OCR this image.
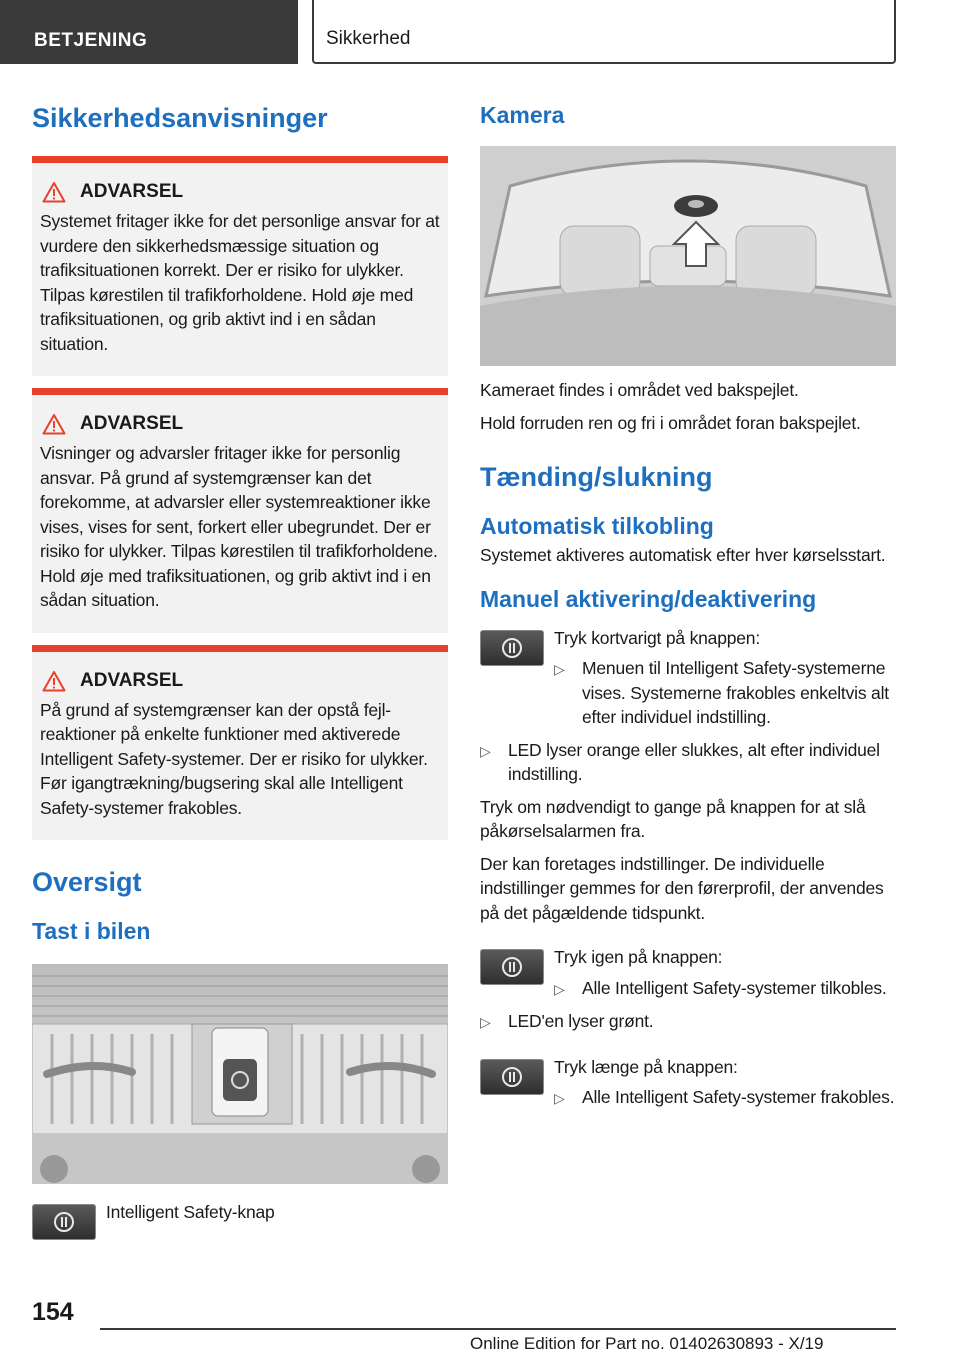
BETJENING	Sikkerhed
Sikkerhedsanvisninger
ADVARSEL

Systemet fritager ikke for det personlige ansvar for at vurdere den sikkerhedsmæssige situation og trafiksituationen korrekt. Der er risiko for ulykker. Tilpas kørestilen til trafikforholdene. Hold øje med trafiksituationen, og grib aktivt ind i en sådan situation.

ADVARSEL

Visninger og advarsler fritager ikke for personlig ansvar. På grund af systemgrænser kan det forekomme, at advarsler eller systemreaktioner ikke vises, vises for sent, forkert eller ubegrundet. Der er risiko for ulykker. Tilpas kørestilen til trafikforholdene. Hold øje med trafiksituationen, og grib aktivt ind i en sådan situation.

ADVARSEL

På grund af systemgrænser kan der opstå fejlreaktioner på enkelte funktioner med aktiverede Intelligent Safety-systemer. Der er risiko for ulykker. Før igangtrækning/bugsering skal alle Intelligent Safety-systemer frakobles.

Oversigt
Tast i bilen

Intelligent Safety-knap

Kamera

Kameraet findes i området ved bakspejlet.

Hold forruden ren og fri i området foran bakspejlet.

Tænding/slukning
Automatisk tilkobling

Systemet aktiveres automatisk efter hver kørselsstart.

Manuel aktivering/deaktivering

Tryk kortvarigt på knappen:

▷ Menuen til Intelligent Safety-systemerne vises. Systemerne frakobles enkeltvis alt efter individuel indstilling.
▷ LED lyser orange eller slukkes, alt efter individuel indstilling.

Tryk om nødvendigt to gange på knappen for at slå påkørselsalarmen fra.

Der kan foretages indstillinger. De individuelle indstillinger gemmes for den førerprofil, der anvendes på det pågældende tidspunkt.

Tryk igen på knappen:

▷ Alle Intelligent Safety-systemer tilkobles.
▷ LED'en lyser grønt.

Tryk længe på knappen:

▷ Alle Intelligent Safety-systemer frakobles.
154
Online Edition for Part no. 01402630893 - X/19
